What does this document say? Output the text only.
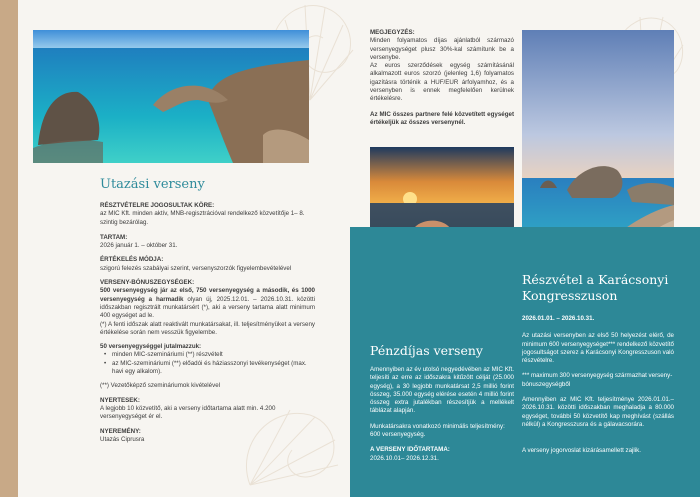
Utazási verseny
RÉSZTVÉTELRE JOGOSULTAK KÖRE:
az MIC Kft. minden aktív, MNB-regisztrációval rendelkező közvetítője 1– 8. szintig bezárólag.
TARTAM:
2026 január 1. – október 31.
ÉRTÉKELÉS MÓDJA:
szigorú felezés szabályai szerint, versenyszorzók figyelembevételével
VERSENY-BÓNUSZEGYSÉGEK:
500 versenyegység jár az első, 750 versenyegység a második, és 1000 versenyegység a harmadik olyan új, 2025.12.01. – 2026.10.31. közötti időszakban regisztrált munkatársért (*), aki a verseny tartama alatt minimum 400 egységet ad le.
(*) A fenti időszak alatt reaktivált munkatársakat, ill. teljesítményüket a verseny értékelése során nem vesszük figyelembe.
50 versenyegységgel jutalmazzuk:
• minden MIC-szemináriumi (**) részvételt
• az MIC-szemináriumi (**) előadói és háziasszonyi tevékenységet (max. havi egy alkalom).
(**) Vezetőképző szemináriumok kivételével
NYERTESEK:
A legjobb 10 közvetítő, aki a verseny időtartama alatt min. 4.200 versenyegységet ér el.
NYEREMÉNY:
Utazás Ciprusra
MEGJEGYZÉS:
Minden folyamatos díjas ajánlatból származó versenyegységet plusz 30%-kal számítunk be a versenybe.
Az euros szerződések egység számításánál alkalmazott euros szorzó (jelenleg 1,6) folyamatos igazításra történik a HUF/EUR árfolyamhoz, és a versenyben is ennek megfelelően kerülnek értékelésre.
Az MIC összes partnere felé közvetített egységet értékeljük az összes versenynél.
Pénzdíjas verseny
Amennyiben az év utolsó negyedévében az MIC Kft. teljesíti az erre az időszakra kitűzött célját (25.000 egység), a 30 legjobb munkatársat 2,5 millió forint összeg, 35.000 egység elérése esetén 4 millió forint összeg extra jutalékban részesítjük a mellékelt táblázat alapján.
Munkatársakra vonatkozó minimális teljesítmény: 600 versenyegység.
A VERSENY IDŐTARTAMA:
2026.10.01– 2026.12.31.
Részvétel a Karácsonyi Kongresszuson
2026.01.01. – 2026.10.31.
Az utazási versenyben az első 50 helyezést elérő, de minimum 600 versenyegységet*** rendelkező közvetítő jogosultságot szerez a Karácsonyi Kongresszuson való részvételre.
*** maximum 300 versenyegység származhat verseny-bónuszegységből
Amennyiben az MIC Kft. teljesítménye 2026.01.01.– 2026.10.31. közötti időszakban meghaladja a 80.000 egységet, további 50 közvetítő kap meghívást (szállás nélkül) a Kongresszusra és a gálavacsorára.
A verseny jogorvoslat kizárásamellett zajlik.
